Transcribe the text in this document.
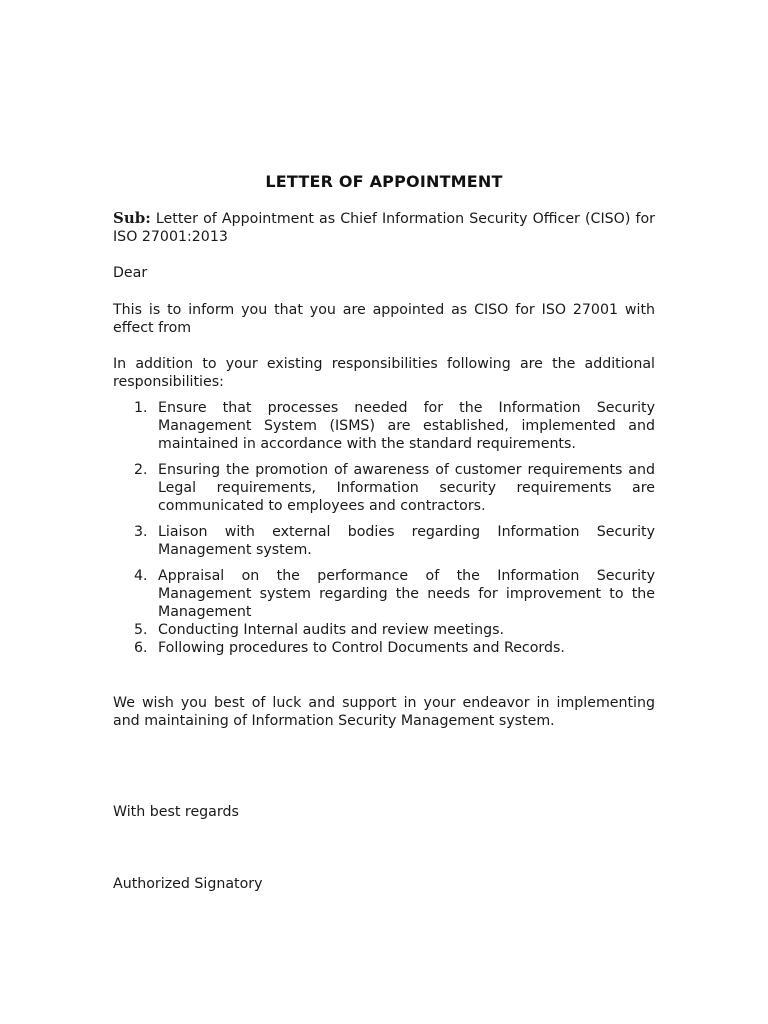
LETTER OF APPOINTMENT
Sub: Letter of Appointment as Chief Information Security Officer (CISO) for ISO 27001:2013
Dear
This is to inform you that you are appointed as CISO for ISO 27001 with effect from
In addition to your existing responsibilities following are the additional responsibilities:
1. Ensure that processes needed for the Information Security Management System (ISMS) are established, implemented and maintained in accordance with the standard requirements.
2. Ensuring the promotion of awareness of customer requirements and Legal requirements, Information security requirements are communicated to employees and contractors.
3. Liaison with external bodies regarding Information Security Management system.
4. Appraisal on the performance of the Information Security Management system regarding the needs for improvement to the Management
5. Conducting Internal audits and review meetings.
6. Following procedures to Control Documents and Records.
We wish you best of luck and support in your endeavor in implementing and maintaining of Information Security Management system.
With best regards
Authorized Signatory
